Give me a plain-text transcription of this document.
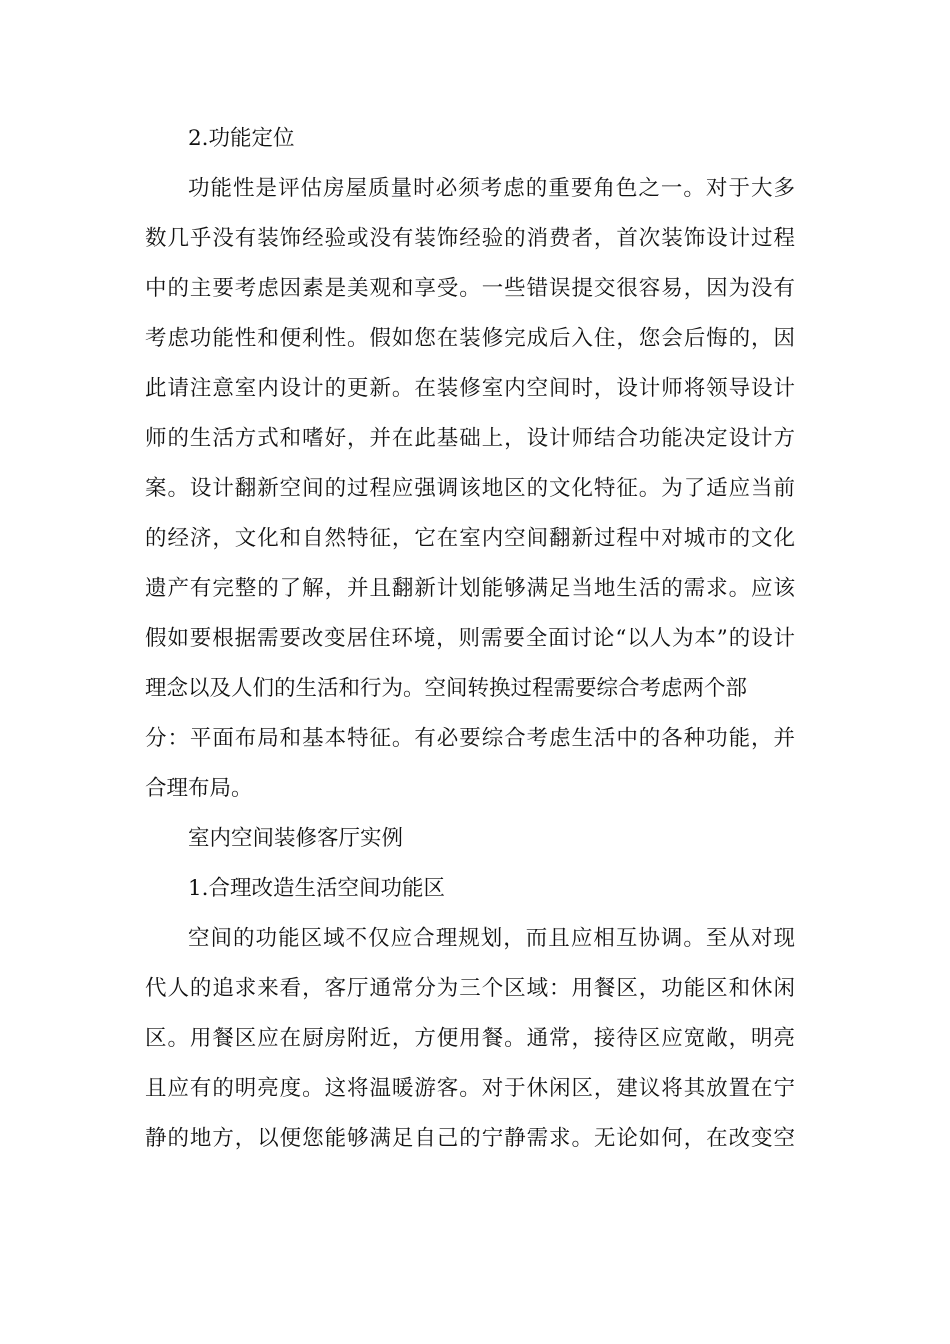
2.功能定位
功能性是评估房屋质量时必须考虑的重要角色之一。对于大多
数几乎没有装饰经验或没有装饰经验的消费者，首次装饰设计过程
中的主要考虑因素是美观和享受。一些错误提交很容易，因为没有
考虑功能性和便利性。假如您在装修完成后入住，您会后悔的，因
此请注意室内设计的更新。在装修室内空间时，设计师将领导设计
师的生活方式和嗜好，并在此基础上，设计师结合功能决定设计方
案。设计翻新空间的过程应强调该地区的文化特征。为了适应当前
的经济，文化和自然特征，它在室内空间翻新过程中对城市的文化
遗产有完整的了解，并且翻新计划能够满足当地生活的需求。应该
假如要根据需要改变居住环境，则需要全面讨论“以人为本”的设计
理念以及人们的生活和行为。空间转换过程需要综合考虑两个部
分：平面布局和基本特征。有必要综合考虑生活中的各种功能，并
合理布局。
室内空间装修客厅实例
1.合理改造生活空间功能区
空间的功能区域不仅应合理规划，而且应相互协调。至从对现
代人的追求来看，客厅通常分为三个区域：用餐区，功能区和休闲
区。用餐区应在厨房附近，方便用餐。通常，接待区应宽敞，明亮
且应有的明亮度。这将温暖游客。对于休闲区，建议将其放置在宁
静的地方，以便您能够满足自己的宁静需求。无论如何，在改变空
